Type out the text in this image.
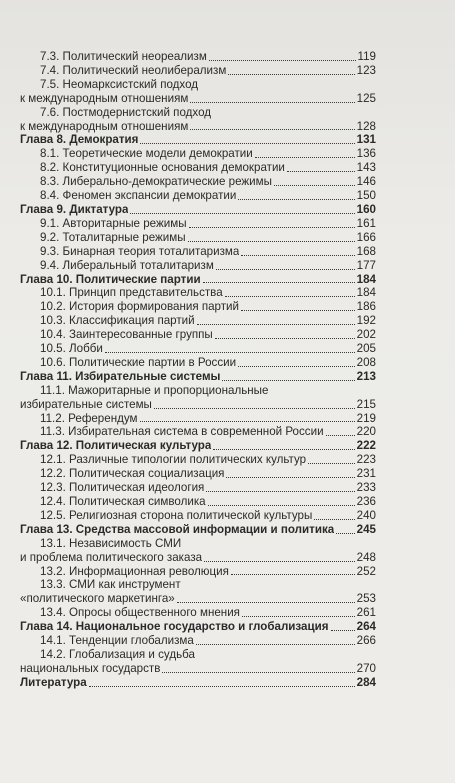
7.3. Политический неореализм	119
7.4. Политический неолиберализм	123
7.5. Неомарксистский подход
к международным отношениям	125
7.6. Постмодернистский подход
к международным отношениям	128
Глава 8. Демократия	131
8.1. Теоретические модели демократии	136
8.2. Конституционные основания демократии	143
8.3. Либерально-демократические режимы	146
8.4. Феномен экспансии демократии	150
Глава 9. Диктатура	160
9.1. Авторитарные режимы	161
9.2. Тоталитарные режимы	166
9.3. Бинарная теория тоталитаризма	168
9.4. Либеральный тоталитаризм	177
Глава 10. Политические партии	184
10.1. Принцип представительства	184
10.2. История формирования партий	186
10.3. Классификация партий	192
10.4. Заинтересованные группы	202
10.5. Лобби	205
10.6. Политические партии в России	208
Глава 11. Избирательные системы	213
11.1. Мажоритарные и пропорциональные
избирательные системы	215
11.2. Референдум	219
11.3. Избирательная система в современной России	220
Глава 12. Политическая культура	222
12.1. Различные типологии политических культур	223
12.2. Политическая социализация	231
12.3. Политическая идеология	233
12.4. Политическая символика	236
12.5. Религиозная сторона политической культуры	240
Глава 13. Средства массовой информации и политика 245
13.1. Независимость СМИ
и проблема политического заказа	248
13.2. Информационная революция	252
13.3. СМИ как инструмент
«политического маркетинга»	253
13.4. Опросы общественного мнения	261
Глава 14. Национальное государство и глобализация 264
14.1. Тенденции глобализма	266
14.2. Глобализация и судьба
национальных государств	270
Литература	284
